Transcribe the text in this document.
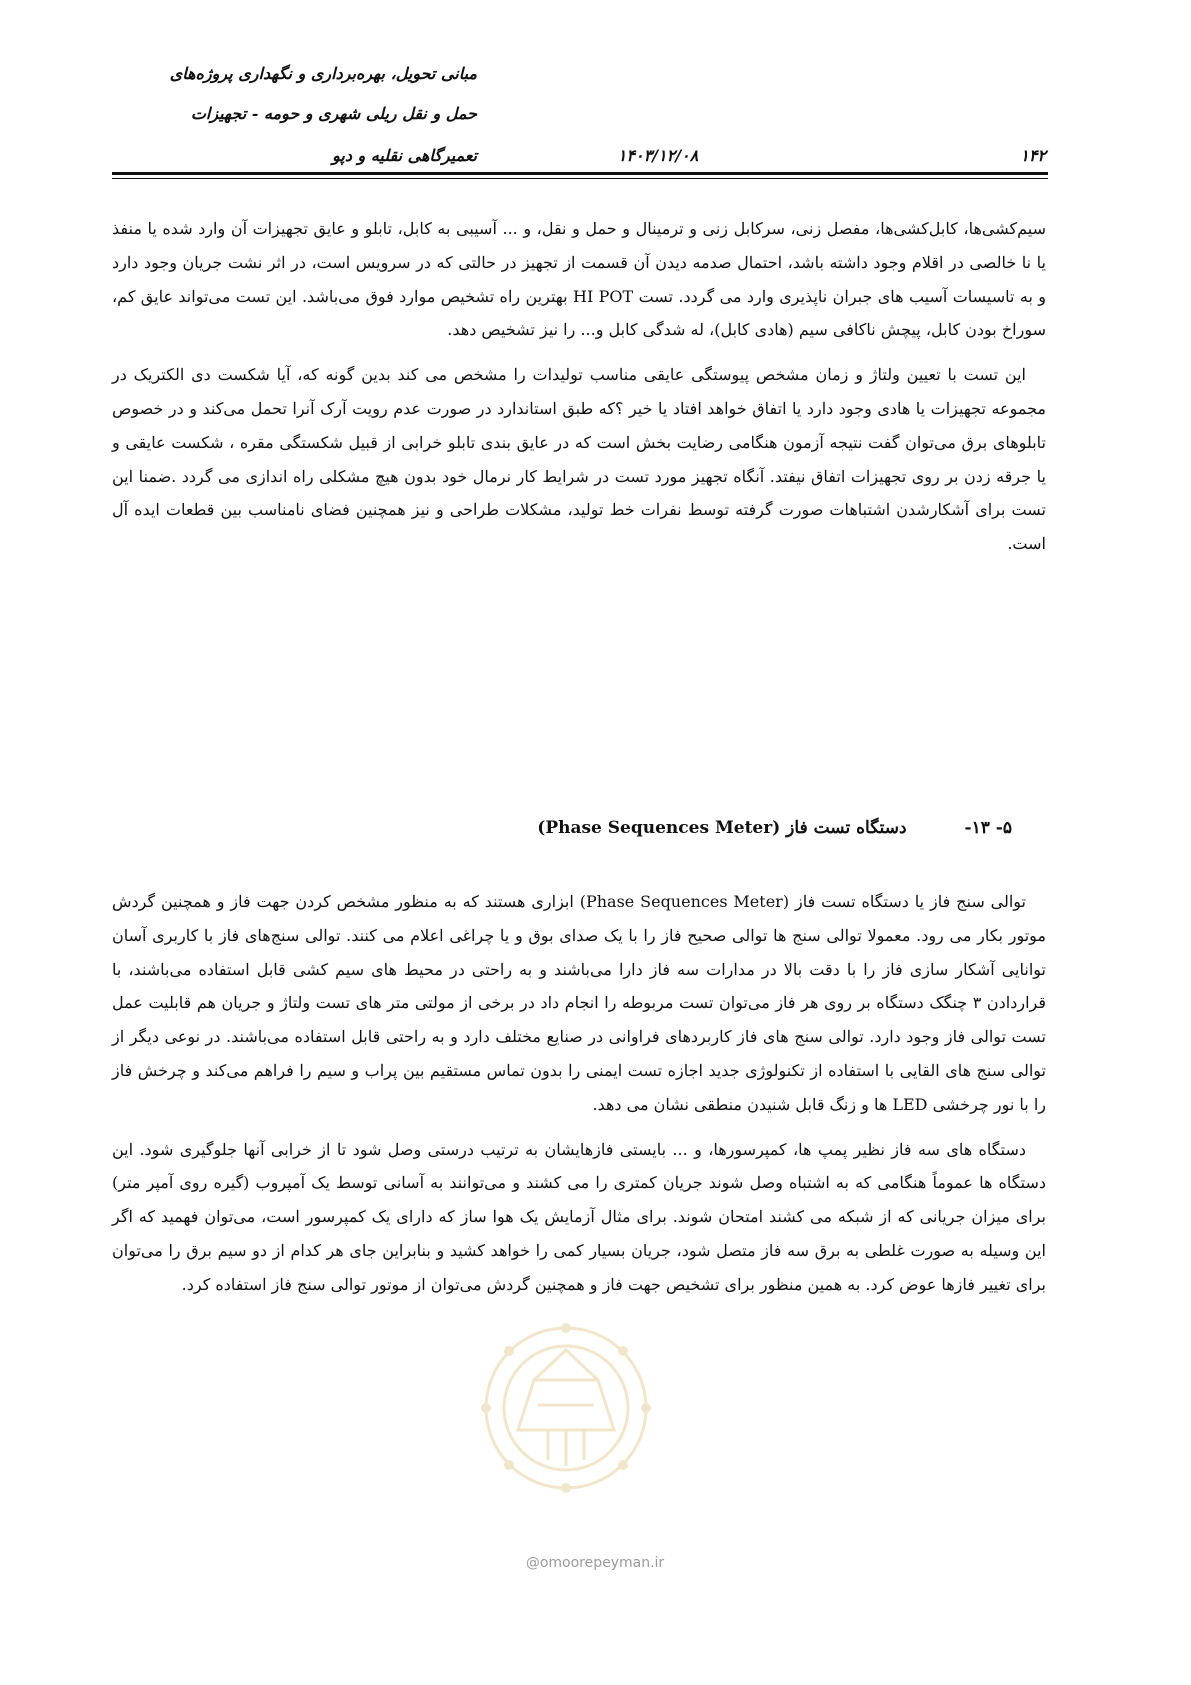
مبانی تحویل، بهره‌برداری و نگهداری پروژه‌های
حمل و نقل ریلی شهری و حومه - تجهیزات
تعمیرگاهی نقلیه و دپو	۱۴۰۳/۱۲/۰۸	۱۴۲

سیم‌کشی‌ها، کابل‌کشی‌ها، مفصل زنی، سرکابل زنی و ترمینال و حمل و نقل، و ... آسیبی به کابل، تابلو و عایق تجهیزات آن وارد شده یا منفذ یا نا خالصی در اقلام وجود داشته باشد، احتمال صدمه دیدن آن قسمت از تجهیز در حالتی که در سرویس است، در اثر نشت جریان وجود دارد و به تاسیسات آسیب های جبران ناپذیری وارد می گردد. تست HI POT بهترین راه تشخیص موارد فوق می‌باشد. این تست می‌تواند عایق کم، سوراخ بودن کابل، پیچش ناکافی سیم (هادی کابل)، له شدگی کابل و... را نیز تشخیص دهد.

این تست با تعیین ولتاژ و زمان مشخص پیوستگی عایقی مناسب تولیدات را مشخص می کند بدین گونه که، آیا شکست دی الکتریک در مجموعه تجهیزات یا هادی وجود دارد یا اتفاق خواهد افتاد یا خیر ؟که طبق استاندارد در صورت عدم رویت آرک آنرا تحمل می‌کند و در خصوص تابلوهای برق می‌توان گفت نتیجه آزمون هنگامی رضایت بخش است که در عایق بندی تابلو خرابی از قبیل شکستگی مقره ، شکست عایقی و یا جرقه زدن بر روی تجهیزات اتفاق نیفتد. آنگاه تجهیز مورد تست در شرایط کار نرمال خود بدون هیچ مشکلی راه اندازی می گردد .ضمنا این تست برای آشکارشدن اشتباهات صورت گرفته توسط نفرات خط تولید، مشکلات طراحی و نیز همچنین فضای نامناسب بین قطعات ایده آل است.

۵- ۱۳-دستگاه تست فاز (Phase Sequences Meter)

توالی سنج فاز یا دستگاه تست فاز (Phase Sequences Meter) ابزاری هستند که به منظور مشخص کردن جهت فاز و همچنین گردش موتور بکار می رود. معمولا توالی سنج ها توالی صحیح فاز را با یک صدای بوق و یا چراغی اعلام می کنند. توالی سنج‌های فاز با کاربری آسان توانایی آشکار سازی فاز را با دقت بالا در مدارات سه فاز دارا می‌باشند و به راحتی در محیط های سیم کشی قابل استفاده می‌باشند، با قراردادن ۳ چنگک دستگاه بر روی هر فاز می‌توان تست مربوطه را انجام داد در برخی از مولتی متر های تست ولتاژ و جریان هم قابلیت عمل تست توالی فاز وجود دارد. توالی سنج های فاز کاربردهای فراوانی در صنایع مختلف دارد و به راحتی قابل استفاده می‌باشند. در نوعی دیگر از توالی سنج های القایی با استفاده از تکنولوژی جدید اجازه تست ایمنی را بدون تماس مستقیم بین پراب و سیم را فراهم می‌کند و چرخش فاز را با نور چرخشی LED ها و زنگ قابل شنیدن منطقی نشان می دهد.

دستگاه های سه فاز نظیر پمپ ها، کمپرسورها، و ... بایستی فازهایشان به ترتیب درستی وصل شود تا از خرابی آنها جلوگیری شود. این دستگاه ها عموماً هنگامی که به اشتباه وصل شوند جریان کمتری را می کشند و می‌توانند به آسانی توسط یک آمپروب (گیره روی آمپر متر) برای میزان جریانی که از شبکه می کشند امتحان شوند. برای مثال آزمایش یک هوا ساز که دارای یک کمپرسور است، می‌توان فهمید که اگر این وسیله به صورت غلطی به برق سه فاز متصل شود، جریان بسیار کمی را خواهد کشید و بنابراین جای هر کدام از دو سیم برق را می‌توان برای تغییر فازها عوض کرد. به همین منظور برای تشخیص جهت فاز و همچنین گردش می‌توان از موتور توالی سنج فاز استفاده کرد.

@omoorepeyman.ir
